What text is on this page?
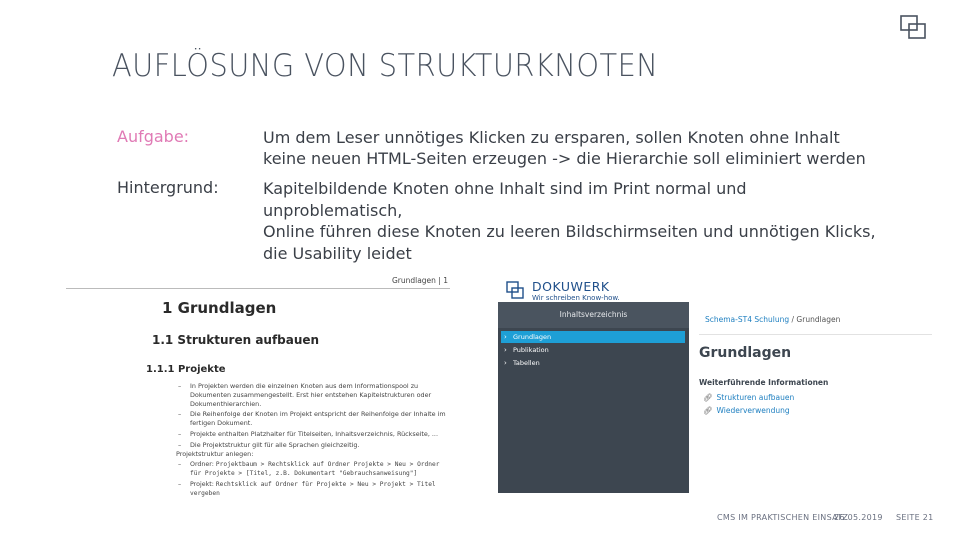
AUFLÖSUNG VON STRUKTURKNOTEN
Aufgabe:	Um dem Leser unnötiges Klicken zu ersparen, sollen Knoten ohne Inhalt
keine neuen HTML-Seiten erzeugen -> die Hierarchie soll eliminiert werden
Hintergrund:	Kapitelbildende Knoten ohne Inhalt sind im Print normal und
unproblematisch,
Online führen diese Knoten zu leeren Bildschirmseiten und unnötigen Klicks,
die Usability leidet
Grundlagen | 1
1 Grundlagen
1.1 Strukturen aufbauen
1.1.1 Projekte
– In Projekten werden die einzelnen Knoten aus dem Informationspool zu Dokumenten zusammengestellt. Erst hier entstehen Kapitelstrukturen oder Dokumenthierarchien.
– Die Reihenfolge der Knoten im Projekt entspricht der Reihenfolge der Inhalte im fertigen Dokument.
– Projekte enthalten Platzhalter für Titelseiten, Inhaltsverzeichnis, Rückseite, ...
– Die Projektstruktur gilt für alle Sprachen gleichzeitig.
Projektstruktur anlegen:
– Ordner: Projektbaum > Rechtsklick auf Ordner Projekte > Neu > Ordner für Projekte > [Titel, z.B. Dokumentart "Gebrauchsanweisung"]
– Projekt: Rechtsklick auf Ordner für Projekte > Neu > Projekt > Titel vergeben
DOKUWERK
Wir schreiben Know-how.
Inhaltsverzeichnis
› Grundlagen
› Publikation
› Tabellen
Schema-ST4 Schulung / Grundlagen
Grundlagen
Weiterführende Informationen
🔗︎ Strukturen aufbauen
🔗︎ Wiederverwendung
CMS IM PRAKTISCHEN EINSATZ
26.05.2019 SEITE 21
